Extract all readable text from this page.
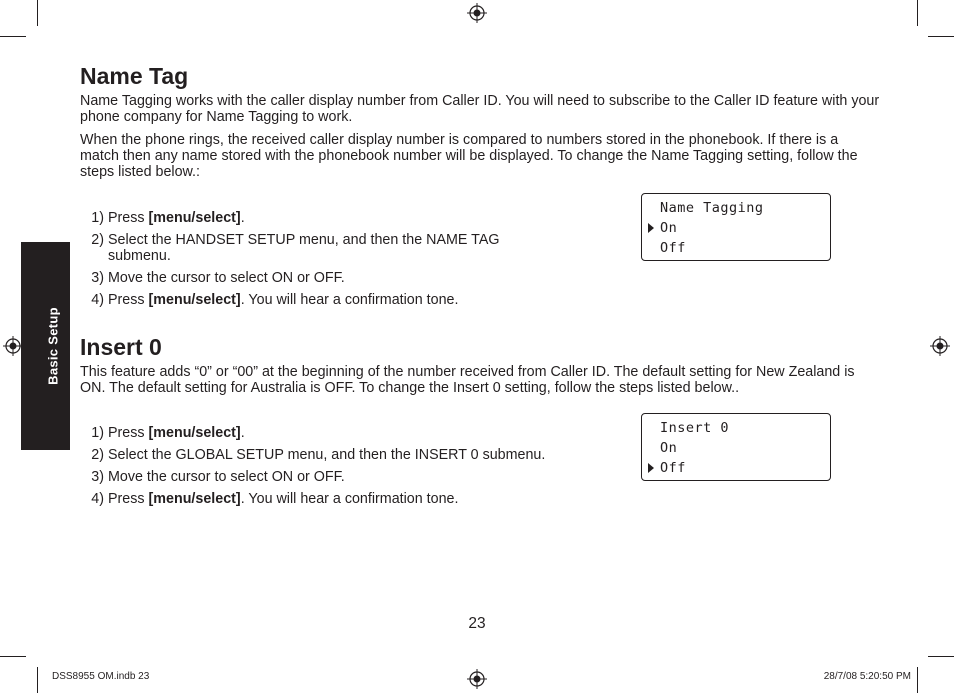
Basic Setup
Name Tag

Name Tagging works with the caller display number from Caller ID. You will need to subscribe to the Caller ID feature with your phone company for Name Tagging to work.

When the phone rings, the received caller display number is compared to numbers stored in the phonebook. If there is a match then any name stored with the phonebook number will be displayed. To change the Name Tagging setting, follow the steps listed below.:

1) Press [menu/select].
2) Select the HANDSET SETUP menu, and then the NAME TAG submenu.
3) Move the cursor to select ON or OFF.
4) Press [menu/select]. You will hear a confirmation tone.
Name Tagging
On
Off
Insert 0

This feature adds “0” or “00” at the beginning of the number received from Caller ID. The default setting for New Zealand is ON. The default setting for Australia is OFF. To change the Insert 0 setting, follow the steps listed below..

1) Press [menu/select].
2) Select the GLOBAL SETUP menu, and then the INSERT 0 submenu.
3) Move the cursor to select ON or OFF.
4) Press [menu/select]. You will hear a confirmation tone.
Insert 0
On
Off
23
DSS8955 OM.indb 23	28/7/08 5:20:50 PM
